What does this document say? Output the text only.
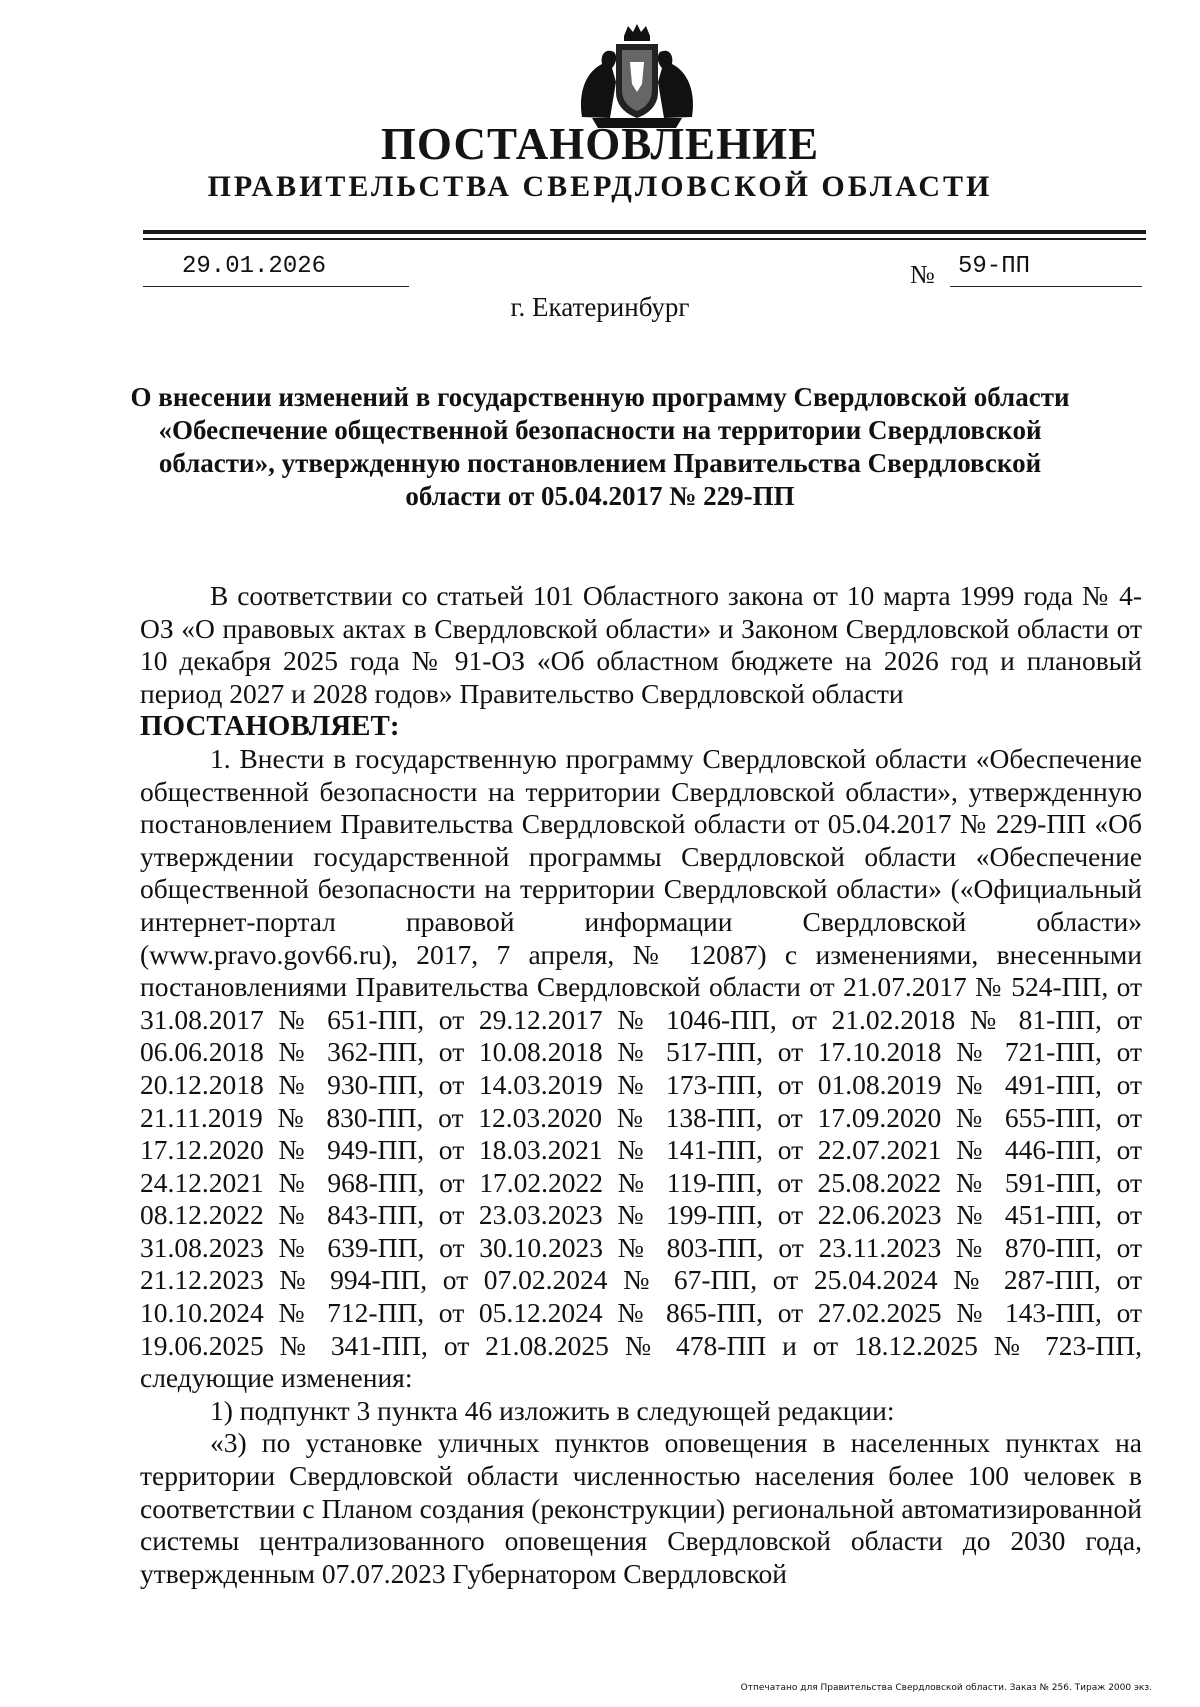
ПОСТАНОВЛЕНИЕ
ПРАВИТЕЛЬСТВА СВЕРДЛОВСКОЙ ОБЛАСТИ
29.01.2026	№ 59-ПП
г. Екатеринбург
О внесении изменений в государственную программу Свердловской области «Обеспечение общественной безопасности на территории Свердловской области», утвержденную постановлением Правительства Свердловской области от 05.04.2017 № 229-ПП

В соответствии со статьей 101 Областного закона от 10 марта 1999 года № 4-ОЗ «О правовых актах в Свердловской области» и Законом Свердловской области от 10 декабря 2025 года № 91-ОЗ «Об областном бюджете на 2026 год и плановый период 2027 и 2028 годов» Правительство Свердловской области

ПОСТАНОВЛЯЕТ:

1. Внести в государственную программу Свердловской области «Обеспечение общественной безопасности на территории Свердловской области», утвержденную постановлением Правительства Свердловской области от 05.04.2017 № 229-ПП «Об утверждении государственной программы Свердловской области «Обеспечение общественной безопасности на территории Свердловской области» («Официальный интернет-портал правовой информации Свердловской области» (www.pravo.gov66.ru), 2017, 7 апреля, № 12087) с изменениями, внесенными постановлениями Правительства Свердловской области от 21.07.2017 № 524-ПП, от 31.08.2017 № 651-ПП, от 29.12.2017 № 1046-ПП, от 21.02.2018 № 81-ПП, от 06.06.2018 № 362-ПП, от 10.08.2018 № 517-ПП, от 17.10.2018 № 721-ПП, от 20.12.2018 № 930-ПП, от 14.03.2019 № 173-ПП, от 01.08.2019 № 491-ПП, от 21.11.2019 № 830-ПП, от 12.03.2020 № 138-ПП, от 17.09.2020 № 655-ПП, от 17.12.2020 № 949-ПП, от 18.03.2021 № 141-ПП, от 22.07.2021 № 446-ПП, от 24.12.2021 № 968-ПП, от 17.02.2022 № 119-ПП, от 25.08.2022 № 591-ПП, от 08.12.2022 № 843-ПП, от 23.03.2023 № 199-ПП, от 22.06.2023 № 451-ПП, от 31.08.2023 № 639-ПП, от 30.10.2023 № 803-ПП, от 23.11.2023 № 870-ПП, от 21.12.2023 № 994-ПП, от 07.02.2024 № 67-ПП, от 25.04.2024 № 287-ПП, от 10.10.2024 № 712-ПП, от 05.12.2024 № 865-ПП, от 27.02.2025 № 143-ПП, от 19.06.2025 № 341-ПП, от 21.08.2025 № 478-ПП и от 18.12.2025 № 723-ПП, следующие изменения:

1) подпункт 3 пункта 46 изложить в следующей редакции:

«3) по установке уличных пунктов оповещения в населенных пунктах на территории Свердловской области численностью населения более 100 человек в соответствии с Планом создания (реконструкции) региональной автоматизированной системы централизованного оповещения Свердловской области до 2030 года, утвержденным 07.07.2023 Губернатором Свердловской

Отпечатано для Правительства Свердловской области. Заказ № 256. Тираж 2000 экз.
